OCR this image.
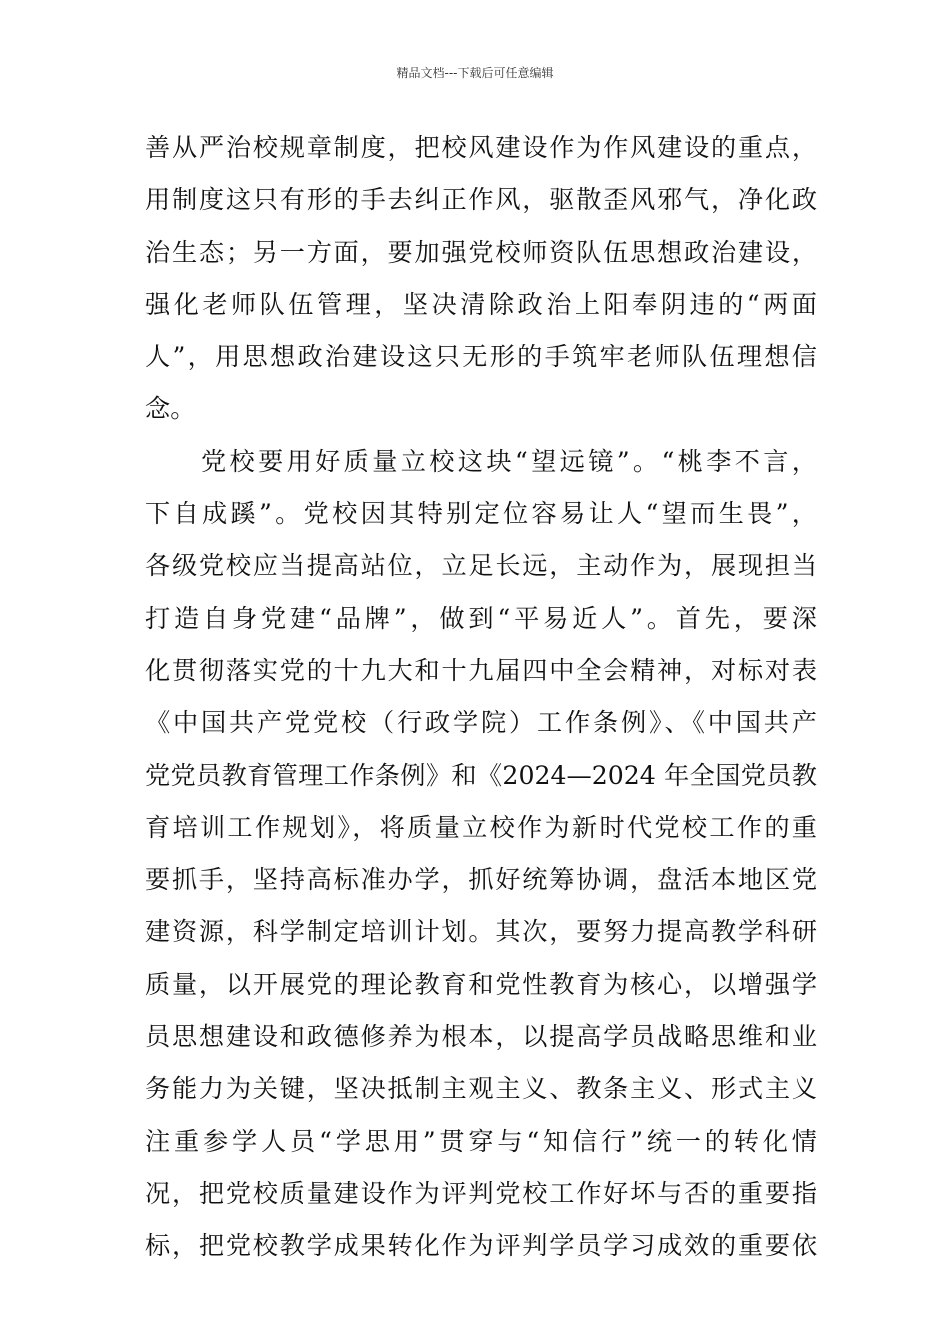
精品文档---下载后可任意编辑
善从严治校规章制度，把校风建设作为作风建设的重点，
用制度这只有形的手去纠正作风，驱散歪风邪气，净化政
治生态；另一方面，要加强党校师资队伍思想政治建设，
强化老师队伍管理，坚决清除政治上阳奉阴违的“两面
人”，用思想政治建设这只无形的手筑牢老师队伍理想信
念。
党校要用好质量立校这块“望远镜”。“桃李不言，
下自成蹊”。党校因其特别定位容易让人“望而生畏”，
各级党校应当提高站位，立足长远，主动作为，展现担当
打造自身党建“品牌”，做到“平易近人”。首先，要深
化贯彻落实党的十九大和十九届四中全会精神，对标对表
《中国共产党党校（行政学院）工作条例》、《中国共产
党党员教育管理工作条例》和《2024—2024 年全国党员教
育培训工作规划》，将质量立校作为新时代党校工作的重
要抓手，坚持高标准办学，抓好统筹协调，盘活本地区党
建资源，科学制定培训计划。其次，要努力提高教学科研
质量，以开展党的理论教育和党性教育为核心，以增强学
员思想建设和政德修养为根本，以提高学员战略思维和业
务能力为关键，坚决抵制主观主义、教条主义、形式主义
注重参学人员“学思用”贯穿与“知信行”统一的转化情
况，把党校质量建设作为评判党校工作好坏与否的重要指
标，把党校教学成果转化作为评判学员学习成效的重要依
